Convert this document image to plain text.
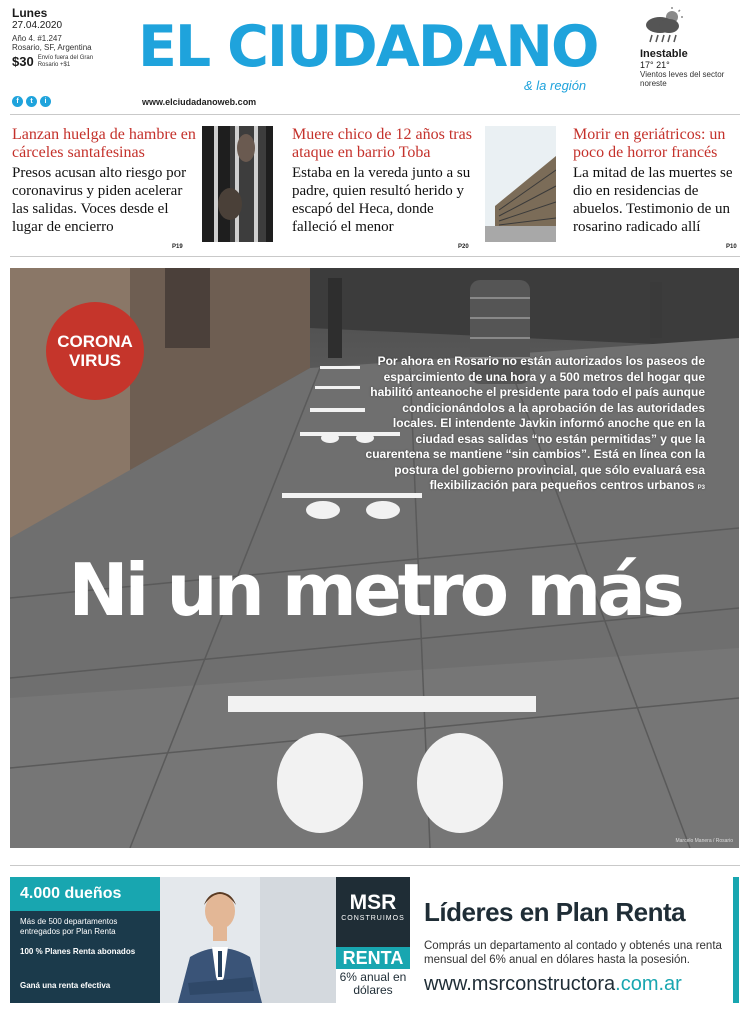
Lunes
27.04.2020
Año 4. #1.247
Rosario, SF, Argentina
$30 Envío fuera del Gran Rosario +$1
f	t	i
EL CIUDADANO
& la región
www.elciudadanoweb.com
Inestable
17° 21°
Vientos leves del sector noreste
Lanzan huelga de hambre en cárceles santafesinas

Presos acusan alto riesgo por coronavirus y piden acelerar las salidas. Voces desde el lugar de encierro

P19
Muere chico de 12 años tras ataque en barrio Toba

Estaba en la vereda junto a su padre, quien resultó herido y escapó del Heca, donde falleció el menor

P20
Morir en geriátricos: un poco de horror francés

La mitad de las muertes se dio en residencias de abuelos. Testimonio de un rosarino radicado allí

P10
CORONA
VIRUS	Por ahora en Rosario no están autorizados los paseos de esparcimiento de una hora y a 500 metros del hogar que habilitó anteanoche el presidente para todo el país aunque condicionándolos a la aprobación de las autoridades locales. El intendente Javkin informó anoche que en la ciudad esas salidas “no están permitidas” y que la cuarentena se mantiene “sin cambios”. Está en línea con la postura del gobierno provincial, que sólo evaluará esa flexibilización para pequeños centros urbanos P3
Ni un metro más
Marcelo Manera / Rosario
4.000 dueños
Más de 500 departamentos entregados por Plan Renta
100 % Planes Renta abonados
Ganá una renta efectiva
MSR
CONSTRUIMOS
RENTA
6% anual en dólares
Líderes en Plan Renta
Comprás un departamento al contado y obtenés una renta mensual del 6% anual en dólares hasta la posesión.
www.msrconstructora.com.ar
